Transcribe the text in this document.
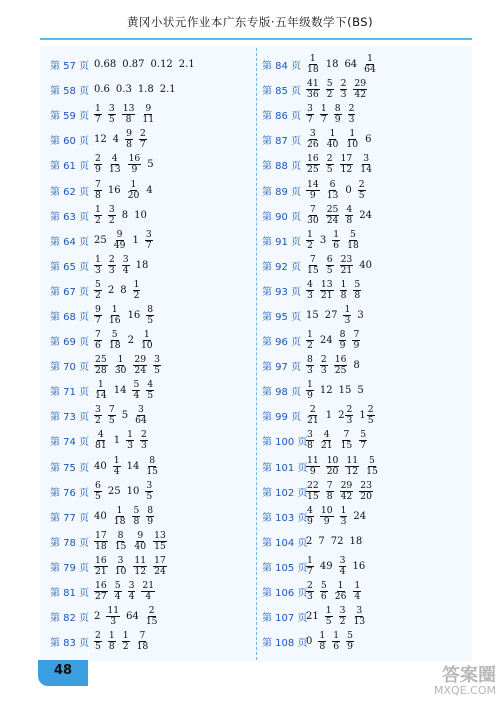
黄冈小状元作业本广东专版·五年级数学下(BS)
第 57 页 0.68 0.87 0.12 2.1
第 58 页 0.6 0.3 1.8 2.1
第 59 页 $\frac{1}{7} \frac{3}{5} \frac{13}{8} \frac{9}{11}$
第 60 页 12 $4 \frac{9}{8} \frac{2}{7}$
第 61 页 $\frac{2}{9} \frac{4}{13} \frac{16}{9} 5$
第 62 页 $\frac{7}{8} 16 \frac{1}{20} 4$
第 63 页 $\frac{1}{2} \frac{3}{2} 8$ 10
第 64 页 $25 \frac{9}{49} 1 \frac{3}{7}$
第 65 页 $\frac{1}{3} \frac{2}{3} \frac{3}{4} 18$
第 67 页 $\frac{5}{2} 2$ $8 \frac{1}{2}$
第 68 页 $\frac{9}{7} \frac{1}{16} 16 \frac{8}{5}$
第 69 页 $\frac{7}{6} \frac{5}{18} 2 \frac{1}{10}$
第 70 页 $\frac{25}{28} \frac{1}{30} \frac{29}{24} \frac{3}{5}$
第 71 页 $\frac{1}{14} 14 \frac{5}{4} \frac{4}{5}$
第 73 页 $\frac{3}{2} \frac{7}{5} 5 \frac{3}{64}$
第 74 页 $\frac{4}{81} 1 \frac{1}{3} \frac{2}{3}$
第 75 页 $40 \frac{1}{4} 14 \frac{8}{15}$
第 76 页 $\frac{6}{5} 25$ $10 \frac{3}{5}$
第 77 页 $40 \frac{1}{18} \frac{5}{8} \frac{8}{9}$
第 78 页 $\frac{17}{18} \frac{8}{15} \frac{9}{40} \frac{13}{15}$
第 79 页 $\frac{16}{21} \frac{3}{10} \frac{11}{12} \frac{17}{24}$
第 81 页 $\frac{16}{27} \frac{5}{4} \frac{3}{4} \frac{21}{4}$
第 82 页 $2 \frac{11}{3} 64 \frac{2}{15}$
第 83 页 $\frac{2}{5} \frac{1}{8} \frac{1}{2} \frac{7}{18}$
第 84 页 $\frac{1}{18} 18$ $64 \frac{1}{64}$
第 85 页 $\frac{41}{36} \frac{5}{2} \frac{2}{3} \frac{29}{42}$
第 86 页 $\frac{3}{7} \frac{1}{7} \frac{8}{9} \frac{2}{3}$
第 87 页 $\frac{3}{26} \frac{1}{40} \frac{1}{10} 6$
第 88 页 $\frac{16}{25} \frac{2}{5} \frac{17}{12} \frac{3}{14}$
第 89 页 $\frac{14}{9} \frac{6}{13} 0 \frac{2}{5}$
第 90 页 $\frac{7}{30} \frac{25}{24} \frac{4}{8} 24$
第 91 页 $\frac{1}{2} 3 \frac{1}{6} \frac{5}{18}$
第 92 页 $\frac{7}{15} \frac{6}{5} \frac{23}{21} 40$
第 93 页 $\frac{4}{3} \frac{13}{21} \frac{1}{8} \frac{5}{8}$
第 95 页 15 $27 \frac{1}{3} 3$
第 96 页 $\frac{1}{2} 24 \frac{8}{9} \frac{7}{9}$
第 97 页 $\frac{8}{3} \frac{2}{3} \frac{16}{25} 8$
第 98 页 $\frac{1}{9} 12$ 15 5
第 99 页 $\frac{2}{21} 1$ $2 \frac{2}{3} 1 \frac{2}{5}$
第 100 页
$\frac{3}{8} \frac{4}{21} \frac{7}{15} \frac{5}{7}$
第 101 页
$\frac{11}{9} \frac{10}{20} \frac{11}{12} \frac{5}{15}$
第 102 页
$\frac{22}{15} \frac{7}{8} \frac{29}{42} \frac{23}{20}$
第 103 页
$\frac{4}{9} \frac{10}{9} \frac{1}{3} 24$
第 104 页
2 7 72 18
第 105 页
$\frac{1}{7} 49 \frac{3}{4} 16$
第 106 页
$\frac{2}{3} \frac{5}{6} \frac{1}{26} \frac{1}{4}$
第 107 页
$21 \frac{1}{5} \frac{3}{2} \frac{3}{13}$
第 108 页
$0 \frac{1}{8} \frac{1}{6} \frac{5}{9}$
48	答案圈
MXQE.COM
